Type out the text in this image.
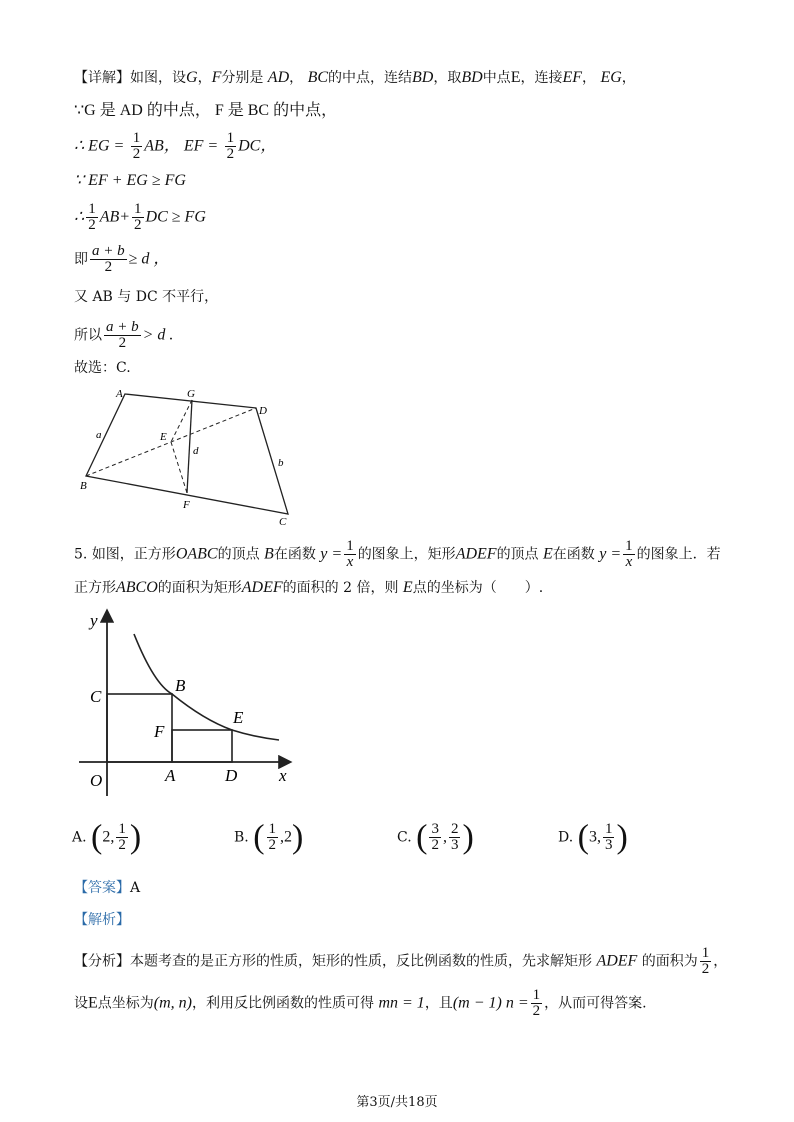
【详解】如图，设G，F分别是 AD， BC的中点，连结BD，取BD中点E，连接EF， EG，
∵G 是 AD 的中点， F 是 BC 的中点，
∴ EG = $\frac{1}{2}$ AB， EF = $\frac{1}{2}$ DC，
∵ EF + EG ≥ FG
∴ $\frac{1}{2} AB+ \frac{1}{2}$ DC ≥ FG
即 $\frac{a + b}{2} \ge d$ ，
又 AB 与 DC 不平行，
所以 $\frac{a + b}{2} > d$ .
故选：C.
A	G
D
a	E
d
b
B
F
C
5. 如图，正方形OABC的顶点 B在函数 $y = \frac{1}{x}$ 的图象上，矩形ADEF的顶点 E在函数 $y = \frac{1}{x}$ 的图象上．若
正方形ABCO的面积为矩形ADEF的面积的 2 倍，则 E点的坐标为（　　）.
y
C
B
E
F
O	A	D x
A. (2, $\frac{1}{2}$ )	B. ( $\frac{1}{2} ,2$)	C. ( $\frac{3}{2}$ , $\frac{2}{3}$ )	D. (3, $\frac{1}{3}$ )
【答案】A
【解析】
【分析】本题考查的是正方形的性质，矩形的性质，反比例函数的性质，先求解矩形 ADEF 的面积为 $\frac{1}{2}$ ，
设E点坐标为(m, n)，利用反比例函数的性质可得 mn = 1，且(m − 1) $n = \frac{1}{2}$ ，从而可得答案.
第3页/共18页
